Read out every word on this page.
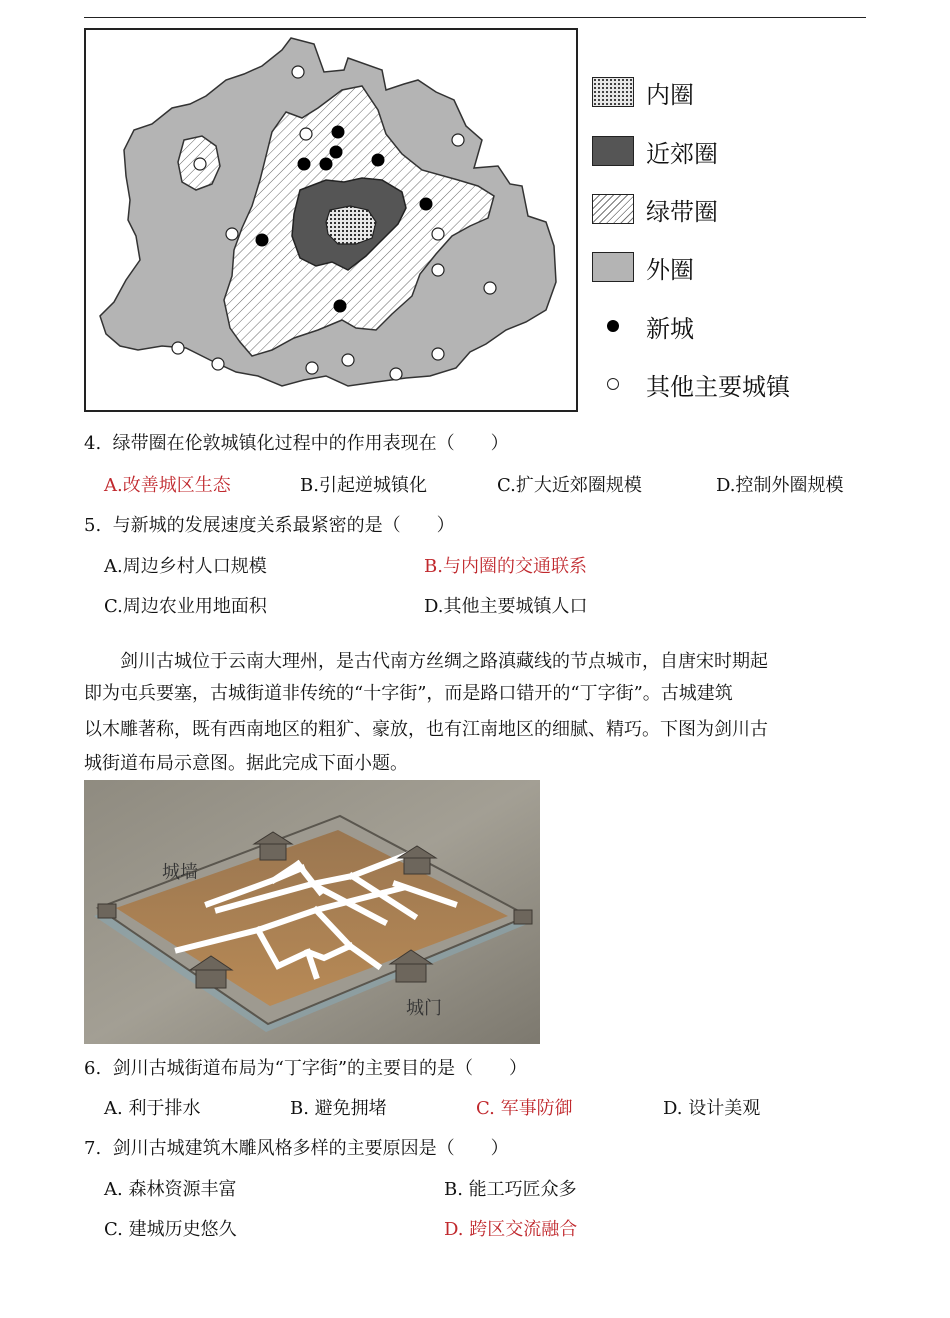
内圈
近郊圈
绿带圈
外圈
新城
其他主要城镇
4. 绿带圈在伦敦城镇化过程中的作用表现在（　　）
A.改善城区生态	B.引起逆城镇化	C.扩大近郊圈规模	D.控制外圈规模
5. 与新城的发展速度关系最紧密的是（　　）
A.周边乡村人口规模	B.与内圈的交通联系
C.周边农业用地面积	D.其他主要城镇人口
剑川古城位于云南大理州，是古代南方丝绸之路滇藏线的节点城市，自唐宋时期起
即为屯兵要塞，古城街道非传统的“十字街”，而是路口错开的“丁字街”。古城建筑
以木雕著称，既有西南地区的粗犷、豪放，也有江南地区的细腻、精巧。下图为剑川古
城街道布局示意图。据此完成下面小题。
城墙
城门
6. 剑川古城街道布局为“丁字街”的主要目的是（　　）
A. 利于排水	B. 避免拥堵	C. 军事防御	D. 设计美观
7. 剑川古城建筑木雕风格多样的主要原因是（　　）
A. 森林资源丰富	B. 能工巧匠众多
C. 建城历史悠久	D. 跨区交流融合
